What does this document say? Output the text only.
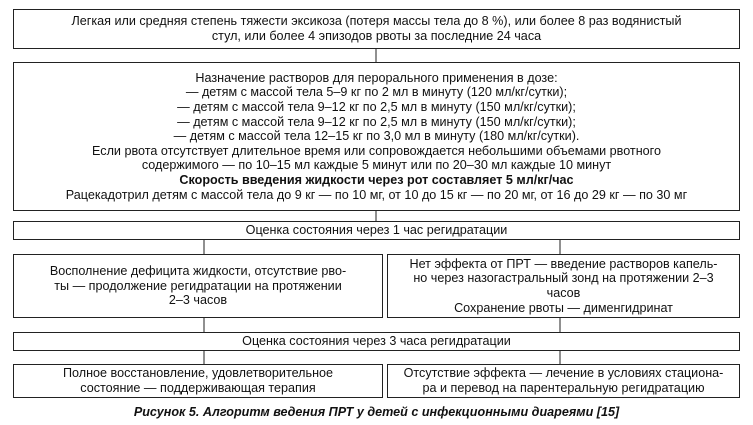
Легкая или средняя степень тяжести эксикоза (потеря массы тела до 8 %), или более 8 раз водянистый
стул, или более 4 эпизодов рвоты за последние 24 часа
Назначение растворов для перорального применения в дозе:
— детям с массой тела 5–9 кг по 2 мл в минуту (120 мл/кг/сутки);
— детям с массой тела 9–12 кг по 2,5 мл в минуту (150 мл/кг/сутки);
— детям с массой тела 9–12 кг по 2,5 мл в минуту (150 мл/кг/сутки);
— детям с массой тела 12–15 кг по 3,0 мл в минуту (180 мл/кг/сутки).
Если рвота отсутствует длительное время или сопровождается небольшими объемами рвотного
содержимого — по 10–15 мл каждые 5 минут или по 20–30 мл каждые 10 минут
Скорость введения жидкости через рот составляет 5 мл/кг/час
Рацекадотрил детям с массой тела до 9 кг — по 10 мг, от 10 до 15 кг — по 20 мг, от 16 до 29 кг — по 30 мг
Оценка состояния через 1 час регидратации
Восполнение дефицита жидкости, отсутствие рво-
ты — продолжение регидратации на протяжении
2–3 часов
Нет эффекта от ПРТ — введение растворов капель-
но через назогастральный зонд на протяжении 2–3
часов
Сохранение рвоты — дименгидринат
Оценка состояния через 3 часа регидратации
Полное восстановление, удовлетворительное
состояние — поддерживающая терапия
Отсутствие эффекта — лечение в условиях стациона-
ра и перевод на парентеральную регидратацию
Рисунок 5. Алгоритм ведения ПРТ у детей с инфекционными диареями [15]
